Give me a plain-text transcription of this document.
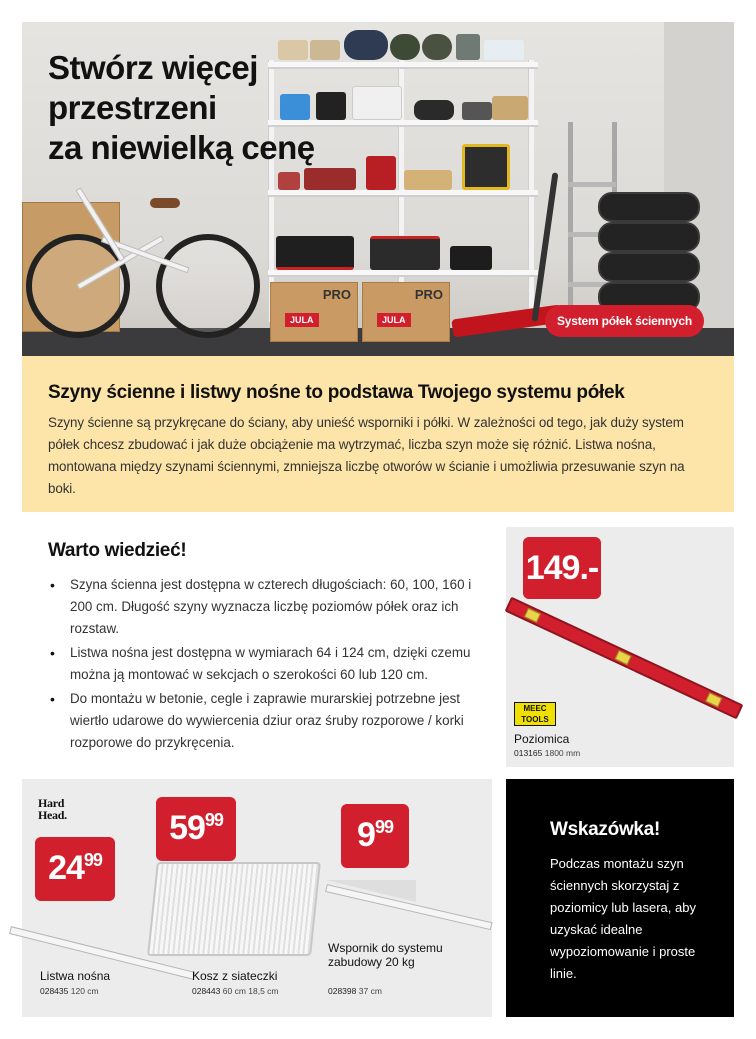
PRO
JULA
PRO
JULA
Stwórz więcej
przestrzeni
za niewielką cenę
System półek ściennych
Szyny ścienne i listwy nośne to podstawa Twojego systemu półek

Szyny ścienne są przykręcane do ściany, aby unieść wsporniki i półki. W zależności od tego, jak duży system półek chcesz zbudować i jak duże obciążenie ma wytrzymać, liczba szyn może się różnić. Listwa nośna, montowana między szynami ściennymi, zmniejsza liczbę otworów w ścianie i umożliwia przesuwanie szyn na boki.

Warto wiedzieć!
• Szyna ścienna jest dostępna w czterech długościach: 60, 100, 160 i 200 cm. Długość szyny wyznacza liczbę poziomów półek oraz ich rozstaw.
• Listwa nośna jest dostępna w wymiarach 64 i 124 cm, dzięki czemu można ją montować w sekcjach o szerokości 60 lub 120 cm.
• Do montażu w betonie, cegle i zaprawie murarskiej potrzebne jest wiertło udarowe do wywiercenia dziur oraz śruby rozporowe / korki rozporowe do przykręcenia.
149.-
MEEC
TOOLS
Poziomica
013165 1800 mm
Hard
Head.
2499
5999	999
Listwa nośna
028435 120 cm
Kosz z siateczki
028443 60 cm 18,5 cm
Wspornik do systemu zabudowy 20 kg
028398 37 cm
Wskazówka!

Podczas montażu szyn ściennych skorzystaj z poziomicy lub lasera, aby uzyskać idealne wypoziomowanie i proste linie.
